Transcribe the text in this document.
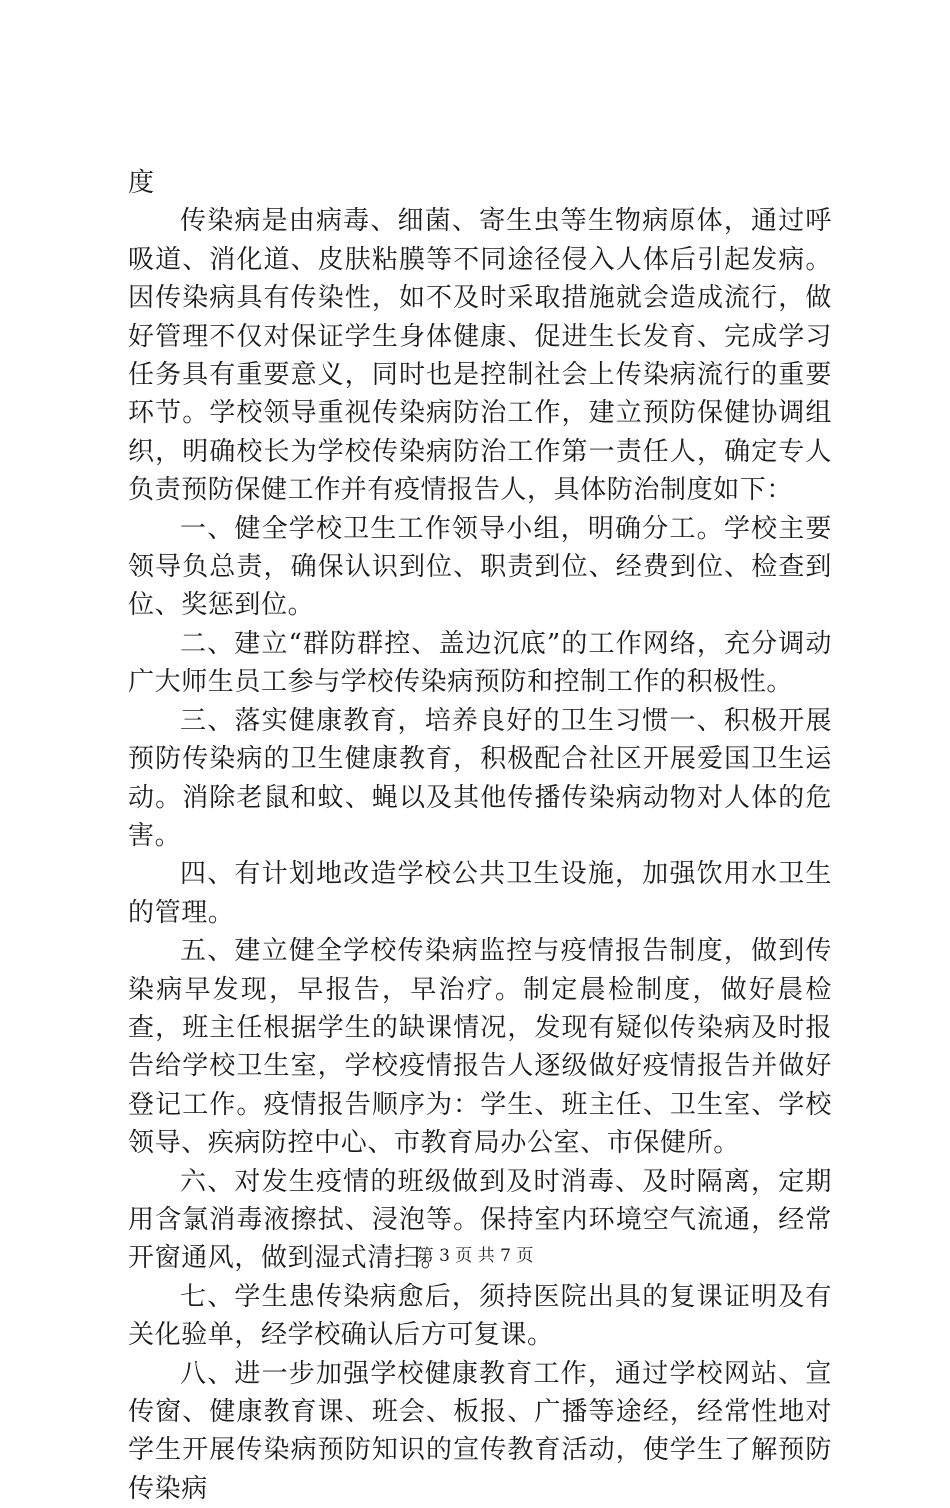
度

传染病是由病毒、细菌、寄生虫等生物病原体，通过呼吸道、消化道、皮肤粘膜等不同途径侵入人体后引起发病。因传染病具有传染性，如不及时采取措施就会造成流行，做好管理不仅对保证学生身体健康、促进生长发育、完成学习任务具有重要意义，同时也是控制社会上传染病流行的重要环节。学校领导重视传染病防治工作，建立预防保健协调组织，明确校长为学校传染病防治工作第一责任人，确定专人负责预防保健工作并有疫情报告人，具体防治制度如下：

一、健全学校卫生工作领导小组，明确分工。学校主要领导负总责，确保认识到位、职责到位、经费到位、检查到位、奖惩到位。

二、建立“群防群控、盖边沉底”的工作网络，充分调动广大师生员工参与学校传染病预防和控制工作的积极性。

三、落实健康教育，培养良好的卫生习惯一、积极开展预防传染病的卫生健康教育，积极配合社区开展爱国卫生运动。消除老鼠和蚊、蝇以及其他传播传染病动物对人体的危害。

四、有计划地改造学校公共卫生设施，加强饮用水卫生的管理。

五、建立健全学校传染病监控与疫情报告制度，做到传染病早发现，早报告，早治疗。制定晨检制度，做好晨检查，班主任根据学生的缺课情况，发现有疑似传染病及时报告给学校卫生室，学校疫情报告人逐级做好疫情报告并做好登记工作。疫情报告顺序为：学生、班主任、卫生室、学校领导、疾病防控中心、市教育局办公室、市保健所。

六、对发生疫情的班级做到及时消毒、及时隔离，定期用含氯消毒液擦拭、浸泡等。保持室内环境空气流通，经常开窗通风，做到湿式清扫。

七、学生患传染病愈后，须持医院出具的复课证明及有关化验单，经学校确认后方可复课。

八、进一步加强学校健康教育工作，通过学校网站、宣传窗、健康教育课、班会、板报、广播等途经，经常性地对学生开展传染病预防知识的宣传教育活动，使学生了解预防传染病

第 3 页 共 7 页
